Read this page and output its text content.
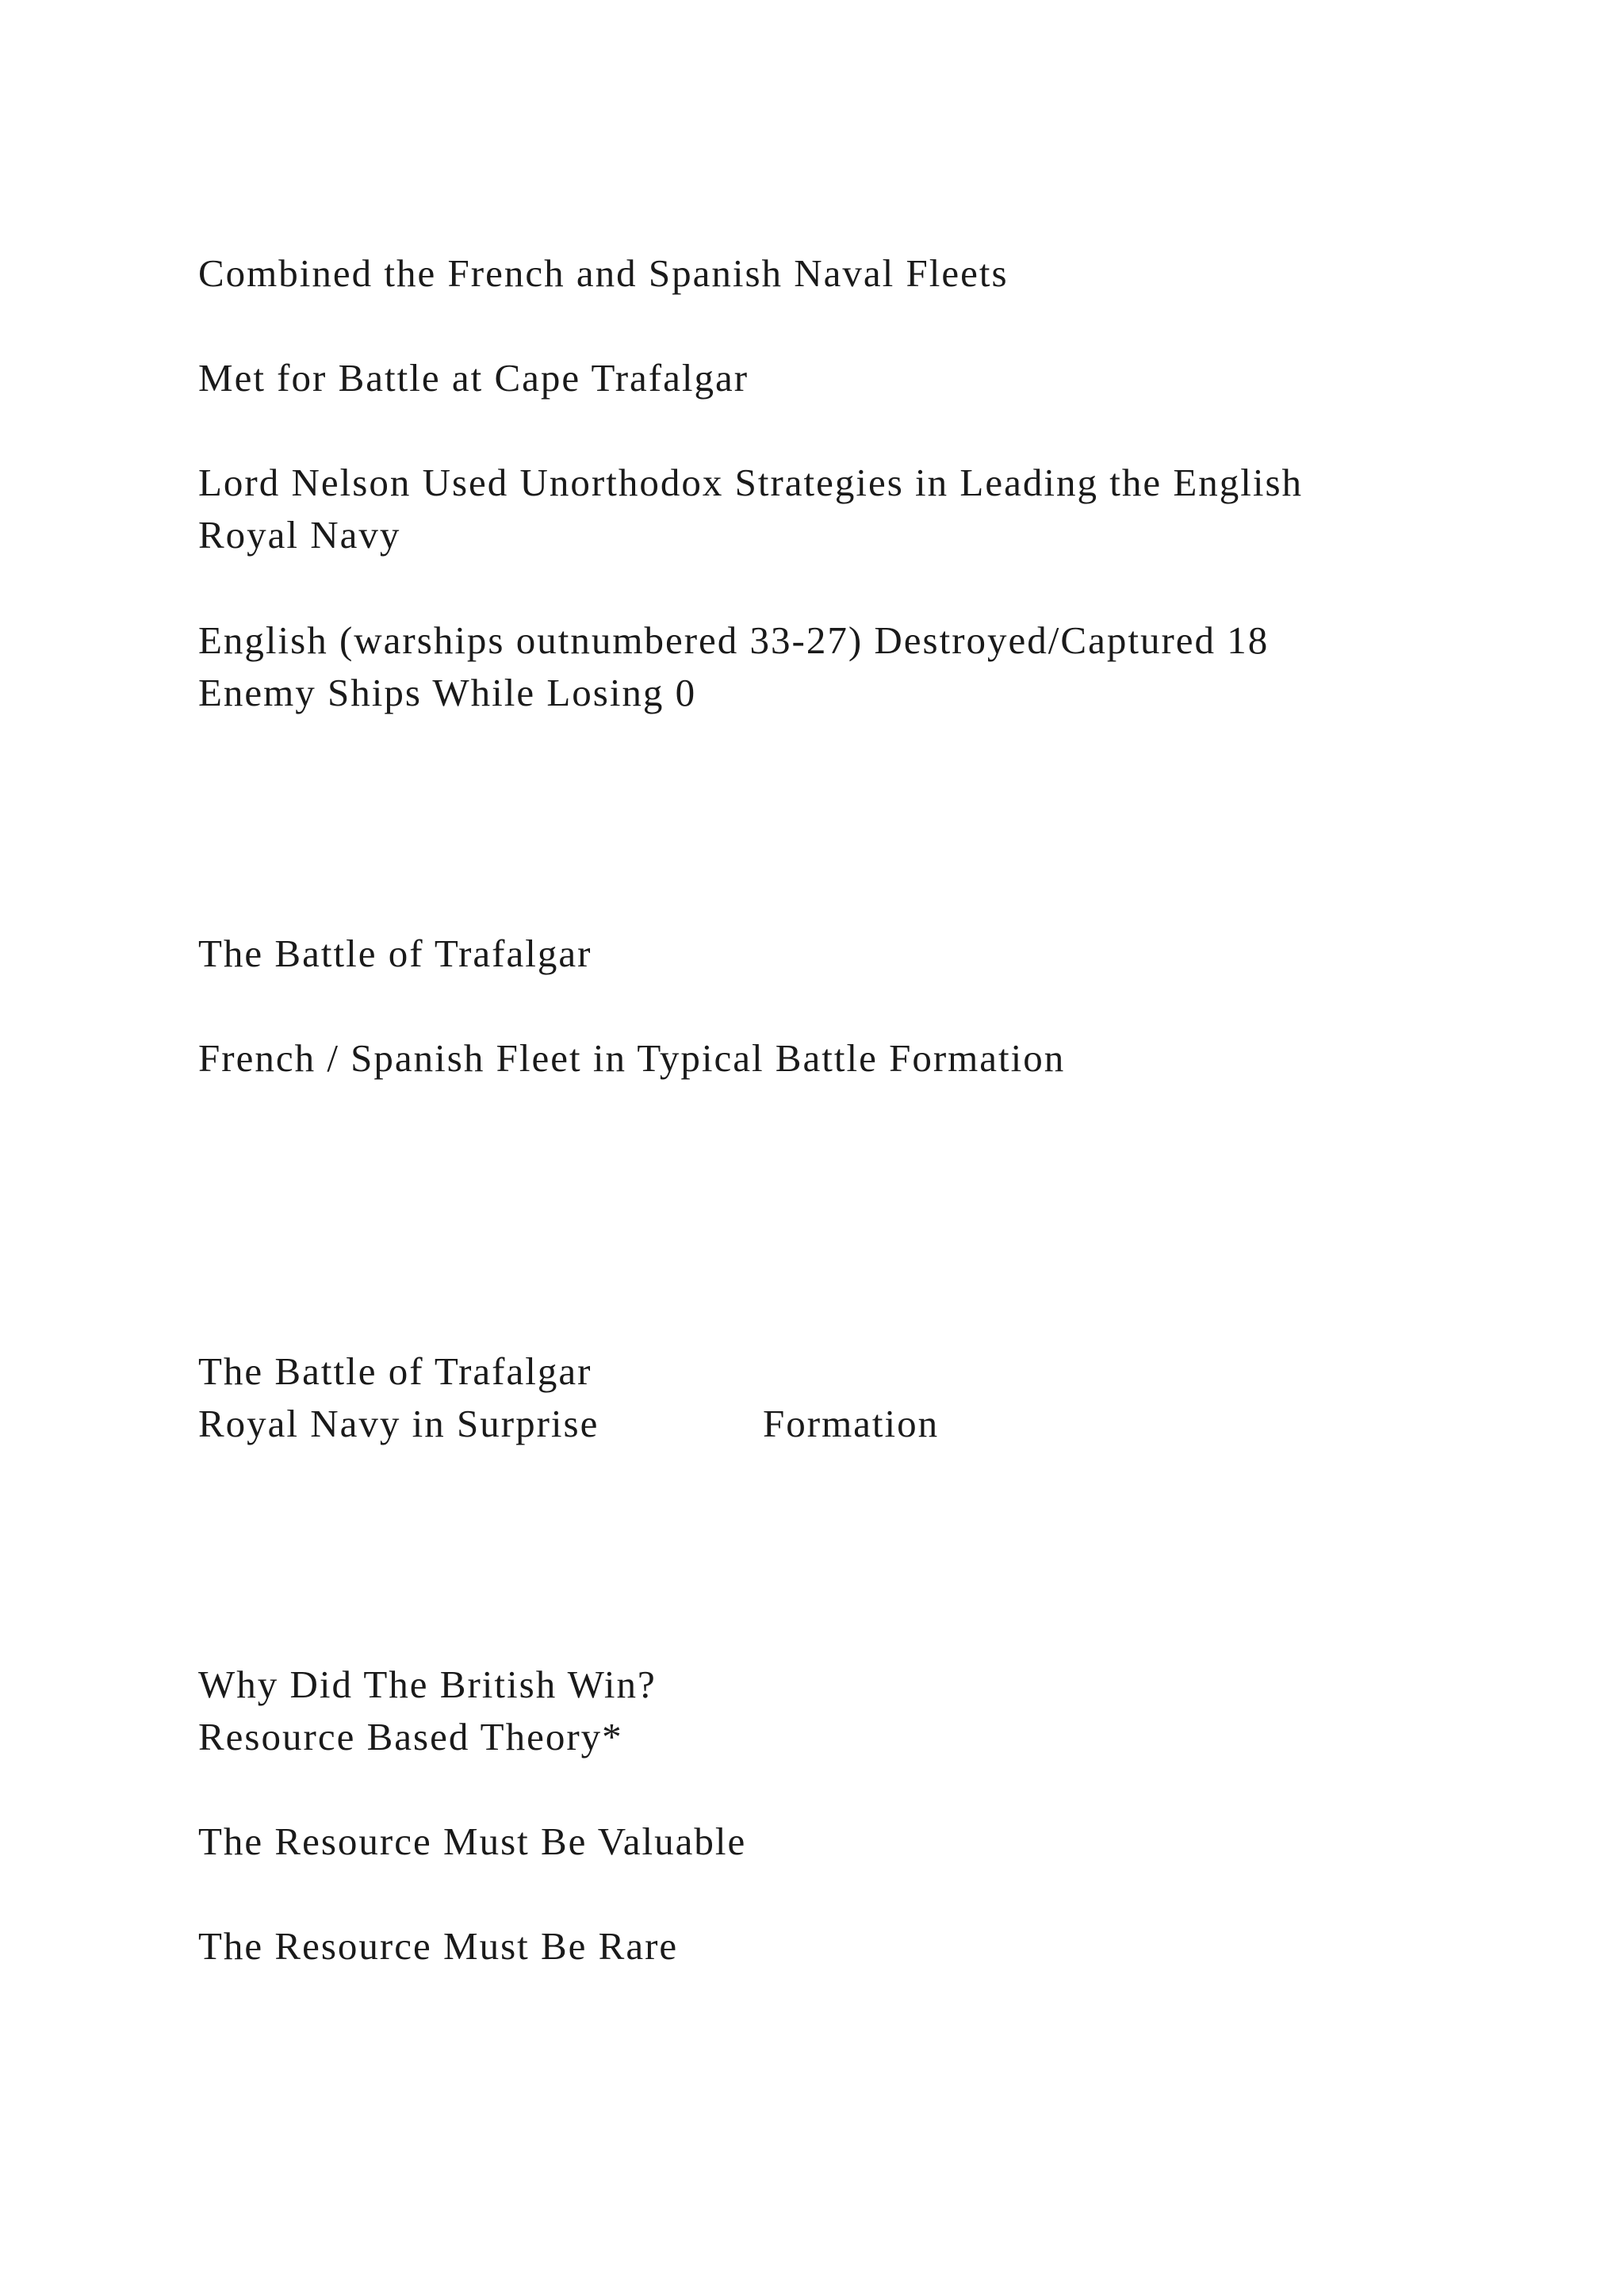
Combined the French and Spanish Naval Fleets

Met for Battle at Cape Trafalgar

Lord Nelson Used Unorthodox Strategies in Leading the English

Royal Navy

English (warships outnumbered 33-27) Destroyed/Captured 18

Enemy Ships While Losing 0

The Battle of Trafalgar

French / Spanish Fleet in Typical Battle Formation

The Battle of Trafalgar

Royal Navy in Surprise	Formation

Why Did The British Win?

Resource Based Theory*

The Resource Must Be Valuable

The Resource Must Be Rare
